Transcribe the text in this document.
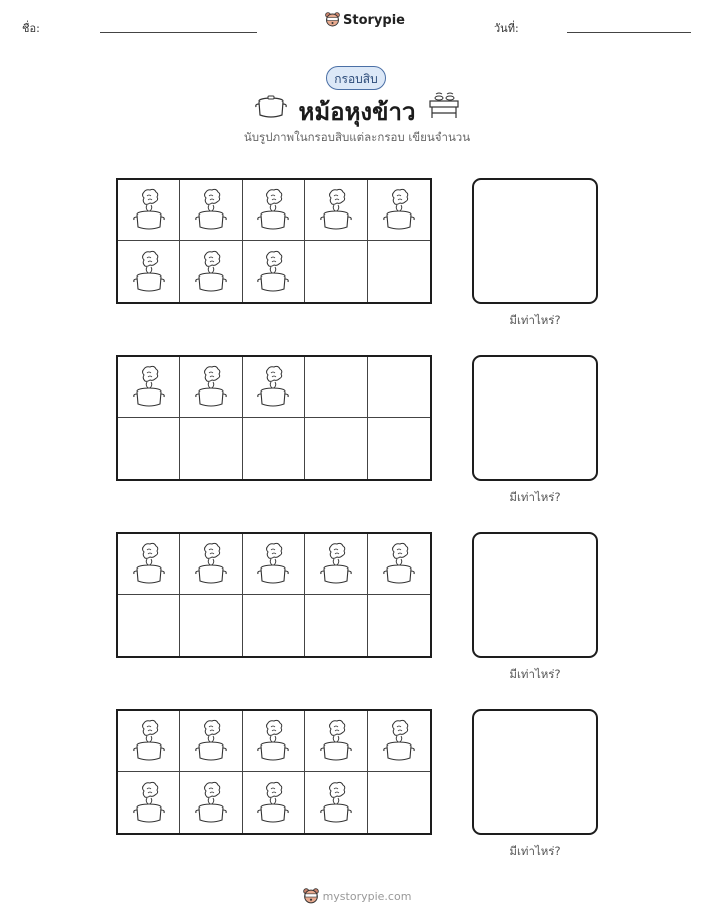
ชื่อ:
Storypie
วันที่:
กรอบสิบ
หม้อหุงข้าว
นับรูปภาพในกรอบสิบแต่ละกรอบ เขียนจำนวน
มีเท่าไหร่?
มีเท่าไหร่?
มีเท่าไหร่?
มีเท่าไหร่?
mystorypie.com
